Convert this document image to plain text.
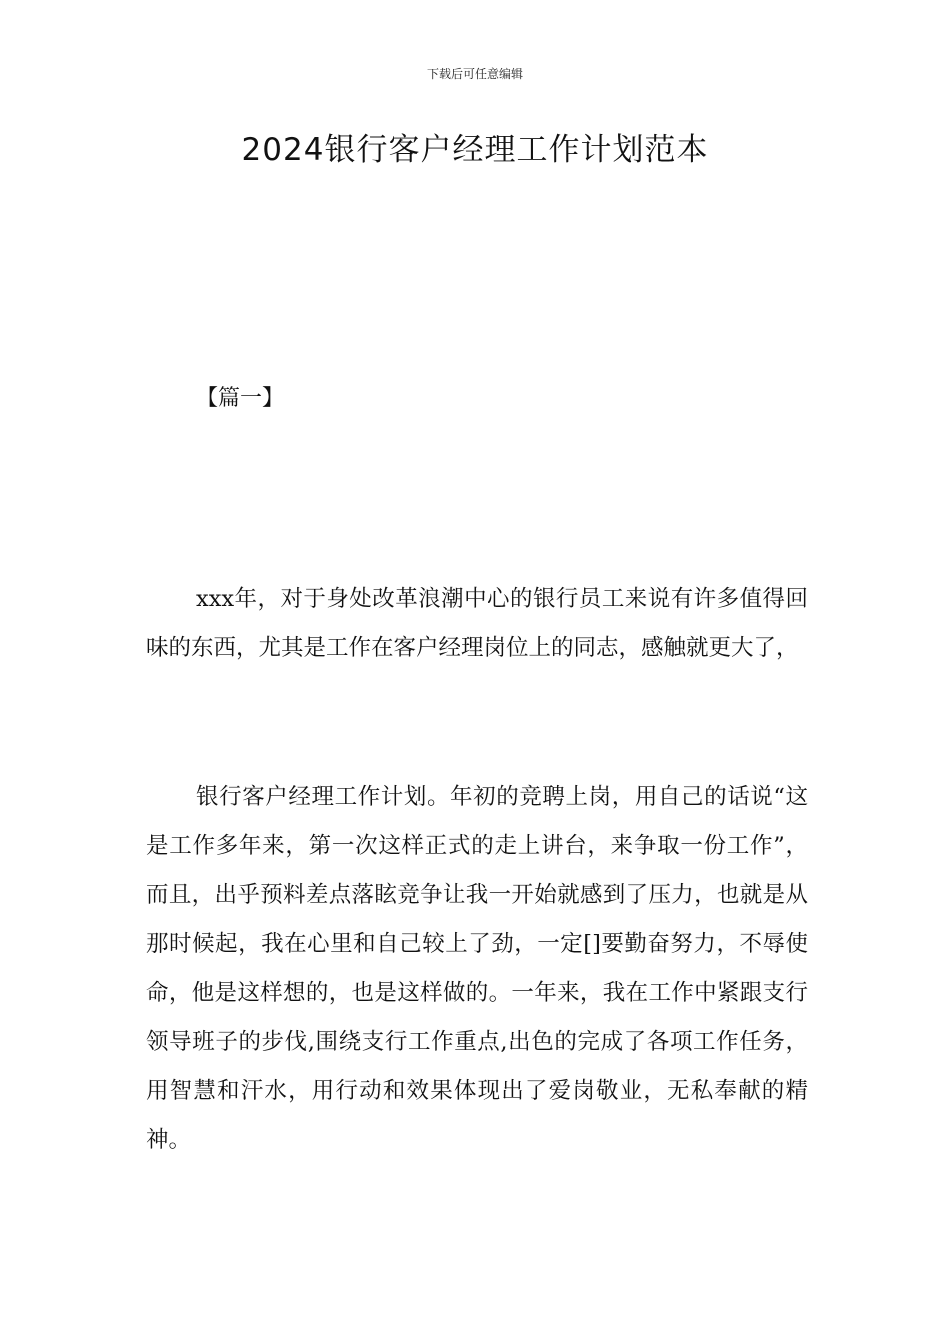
下载后可任意编辑
2024银行客户经理工作计划范本
【篇一】

xxx年，对于身处改革浪潮中心的银行员工来说有许多值得回味的东西，尤其是工作在客户经理岗位上的同志，感触就更大了，

银行客户经理工作计划。年初的竞聘上岗，用自己的话说“这是工作多年来，第一次这样正式的走上讲台，来争取一份工作”，而且，出乎预料差点落眩竞争让我一开始就感到了压力，也就是从那时候起，我在心里和自己较上了劲，一定[]要勤奋努力，不辱使命，他是这样想的，也是这样做的。一年来，我在工作中紧跟支行领导班子的步伐,围绕支行工作重点,出色的完成了各项工作任务，用智慧和汗水，用行动和效果体现出了爱岗敬业，无私奉献的精神。
